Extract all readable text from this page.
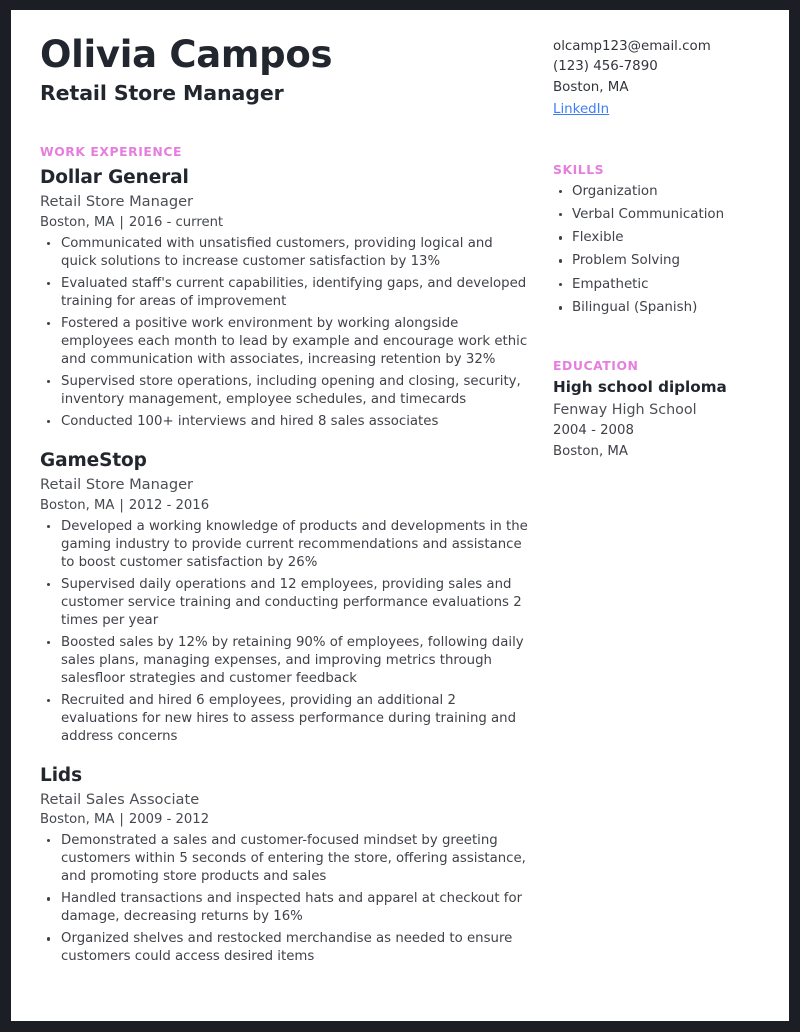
Olivia Campos
Retail Store Manager
WORK EXPERIENCE
Dollar General
Retail Store Manager
Boston, MA | 2016 - current
Communicated with unsatisfied customers, providing logical and quick solutions to increase customer satisfaction by 13%
Evaluated staff's current capabilities, identifying gaps, and developed training for areas of improvement
Fostered a positive work environment by working alongside employees each month to lead by example and encourage work ethic and communication with associates, increasing retention by 32%
Supervised store operations, including opening and closing, security, inventory management, employee schedules, and timecards
Conducted 100+ interviews and hired 8 sales associates
GameStop
Retail Store Manager
Boston, MA | 2012 - 2016
Developed a working knowledge of products and developments in the gaming industry to provide current recommendations and assistance to boost customer satisfaction by 26%
Supervised daily operations and 12 employees, providing sales and customer service training and conducting performance evaluations 2 times per year
Boosted sales by 12% by retaining 90% of employees, following daily sales plans, managing expenses, and improving metrics through salesfloor strategies and customer feedback
Recruited and hired 6 employees, providing an additional 2 evaluations for new hires to assess performance during training and address concerns
Lids
Retail Sales Associate
Boston, MA | 2009 - 2012
Demonstrated a sales and customer-focused mindset by greeting customers within 5 seconds of entering the store, offering assistance, and promoting store products and sales
Handled transactions and inspected hats and apparel at checkout for damage, decreasing returns by 16%
Organized shelves and restocked merchandise as needed to ensure customers could access desired items
olcamp123@email.com
(123) 456-7890
Boston, MA
LinkedIn
SKILLS
Organization
Verbal Communication
Flexible
Problem Solving
Empathetic
Bilingual (Spanish)
EDUCATION
High school diploma
Fenway High School
2004 - 2008
Boston, MA
